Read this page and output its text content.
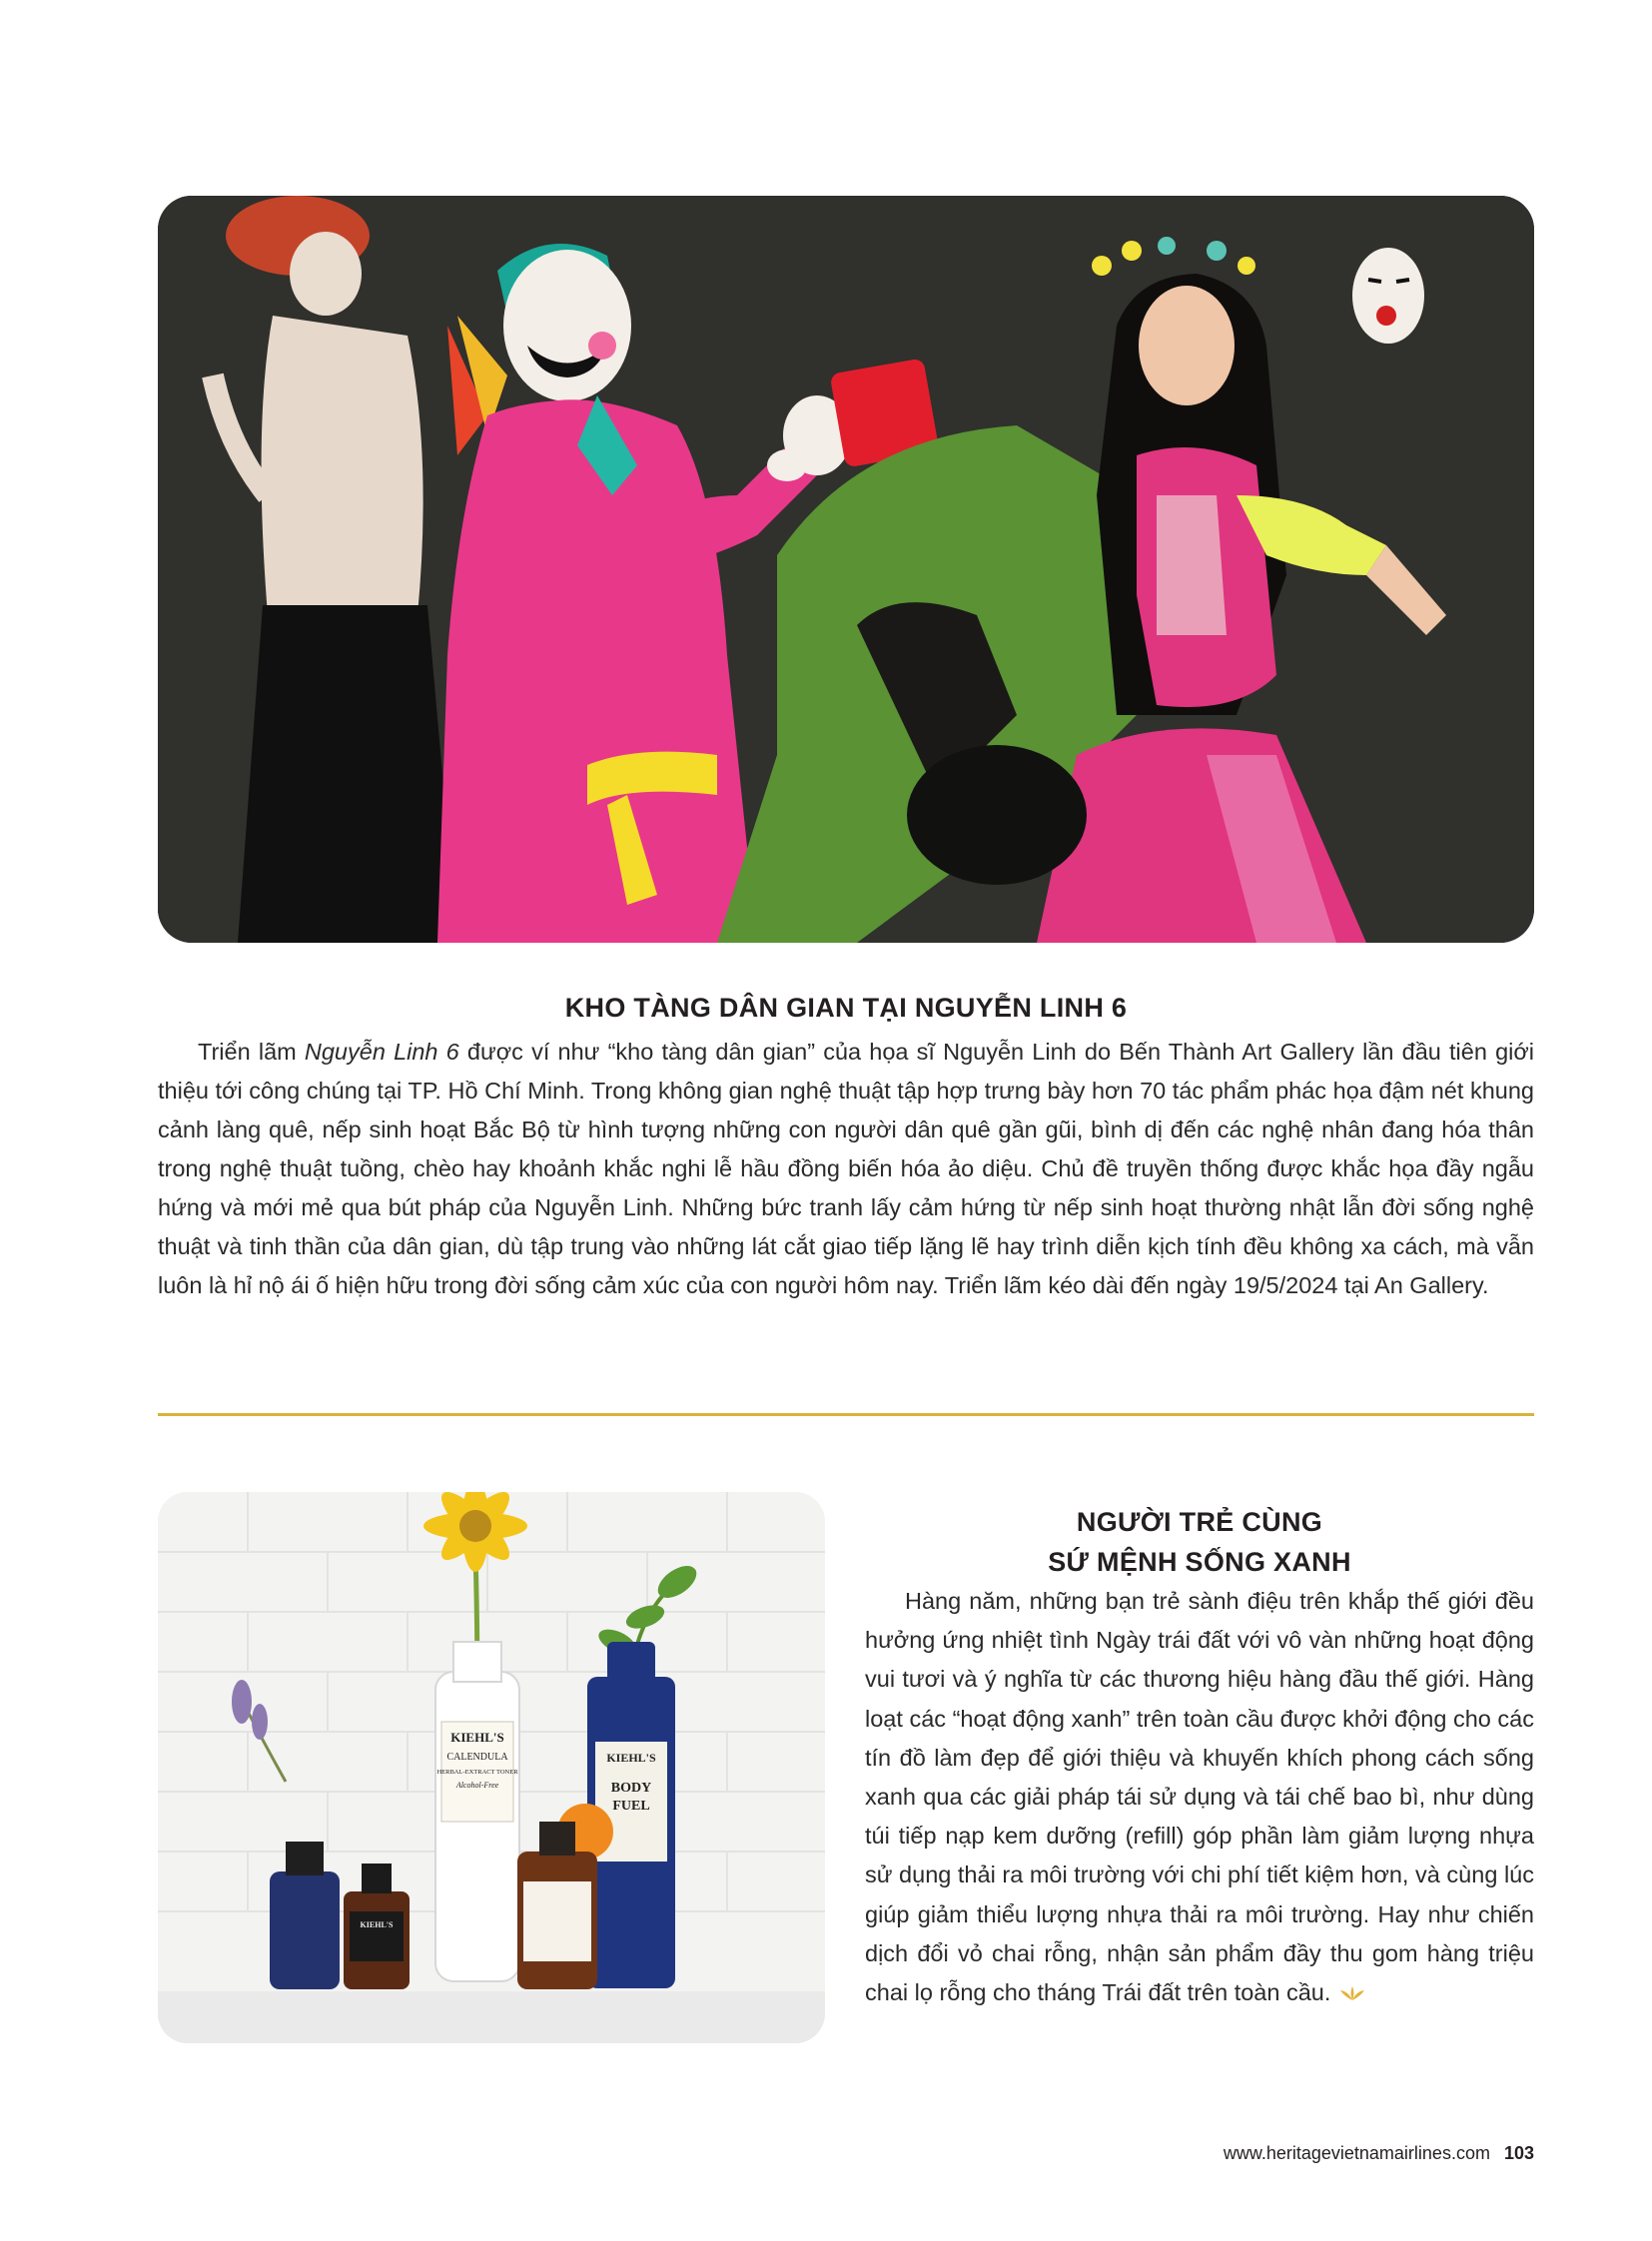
KHO TÀNG DÂN GIAN TẠI NGUYỄN LINH 6

Triển lãm Nguyễn Linh 6 được ví như “kho tàng dân gian” của họa sĩ Nguyễn Linh do Bến Thành Art Gallery lần đầu tiên giới thiệu tới công chúng tại TP. Hồ Chí Minh. Trong không gian nghệ thuật tập hợp trưng bày hơn 70 tác phẩm phác họa đậm nét khung cảnh làng quê, nếp sinh hoạt Bắc Bộ từ hình tượng những con người dân quê gần gũi, bình dị đến các nghệ nhân đang hóa thân trong nghệ thuật tuồng, chèo hay khoảnh khắc nghi lễ hầu đồng biến hóa ảo diệu. Chủ đề truyền thống được khắc họa đầy ngẫu hứng và mới mẻ qua bút pháp của Nguyễn Linh. Những bức tranh lấy cảm hứng từ nếp sinh hoạt thường nhật lẫn đời sống nghệ thuật và tinh thần của dân gian, dù tập trung vào những lát cắt giao tiếp lặng lẽ hay trình diễn kịch tính đều không xa cách, mà vẫn luôn là hỉ nộ ái ố hiện hữu trong đời sống cảm xúc của con người hôm nay. Triển lãm kéo dài đến ngày 19/5/2024 tại An Gallery.

KIEHL'S
CALENDULA
HERBAL-EXTRACT TONER
Alcohol-Free
KIEHL'S
BODY
FUEL
KIEHL'S
NGƯỜI TRẺ CÙNG
SỨ MỆNH SỐNG XANH

Hàng năm, những bạn trẻ sành điệu trên khắp thế giới đều hưởng ứng nhiệt tình Ngày trái đất với vô vàn những hoạt động vui tươi và ý nghĩa từ các thương hiệu hàng đầu thế giới. Hàng loạt các “hoạt động xanh” trên toàn cầu được khởi động cho các tín đồ làm đẹp để giới thiệu và khuyến khích phong cách sống xanh qua các giải pháp tái sử dụng và tái chế bao bì, như dùng túi tiếp nạp kem dưỡng (refill) góp phần làm giảm lượng nhựa sử dụng thải ra môi trường với chi phí tiết kiệm hơn, và cùng lúc giúp giảm thiểu lượng nhựa thải ra môi trường. Hay như chiến dịch đổi vỏ chai rỗng, nhận sản phẩm đầy thu gom hàng triệu chai lọ rỗng cho tháng Trái đất trên toàn cầu.

www.heritagevietnamairlines.com 103
